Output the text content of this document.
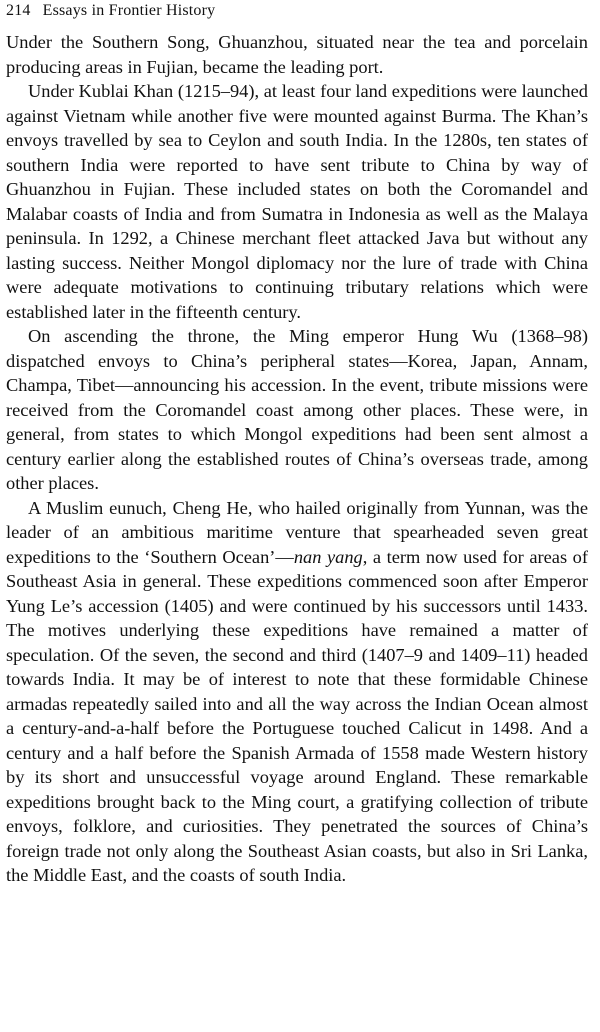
214 Essays in Frontier History

Under the Southern Song, Ghuanzhou, situated near the tea and porcelain producing areas in Fujian, became the leading port.

Under Kublai Khan (1215–94), at least four land expeditions were launched against Vietnam while another five were mounted against Burma. The Khan’s envoys travelled by sea to Ceylon and south India. In the 1280s, ten states of southern India were reported to have sent tribute to China by way of Ghuanzhou in Fujian. These included states on both the Coromandel and Malabar coasts of India and from Sumatra in Indonesia as well as the Malaya peninsula. In 1292, a Chinese merchant fleet attacked Java but without any lasting success. Neither Mongol diplomacy nor the lure of trade with China were adequate motivations to continuing tributary relations which were established later in the fifteenth century.

On ascending the throne, the Ming emperor Hung Wu (1368–98) dispatched envoys to China’s peripheral states—Korea, Japan, Annam, Champa, Tibet—announcing his accession. In the event, tribute missions were received from the Coromandel coast among other places. These were, in general, from states to which Mongol expeditions had been sent almost a century earlier along the established routes of China’s overseas trade, among other places.

A Muslim eunuch, Cheng He, who hailed originally from Yunnan, was the leader of an ambitious maritime venture that spearheaded seven great expeditions to the ‘Southern Ocean’—nan yang, a term now used for areas of Southeast Asia in general. These expeditions commenced soon after Emperor Yung Le’s accession (1405) and were continued by his successors until 1433. The motives underlying these expeditions have remained a matter of speculation. Of the seven, the second and third (1407–9 and 1409–11) headed towards India. It may be of interest to note that these formidable Chinese armadas repeatedly sailed into and all the way across the Indian Ocean almost a century-and-a-half before the Portuguese touched Calicut in 1498. And a century and a half before the Spanish Armada of 1558 made Western history by its short and unsuccessful voyage around England. These remarkable expeditions brought back to the Ming court, a gratifying collection of tribute envoys, folklore, and curiosities. They penetrated the sources of China’s foreign trade not only along the Southeast Asian coasts, but also in Sri Lanka, the Middle East, and the coasts of south India.
